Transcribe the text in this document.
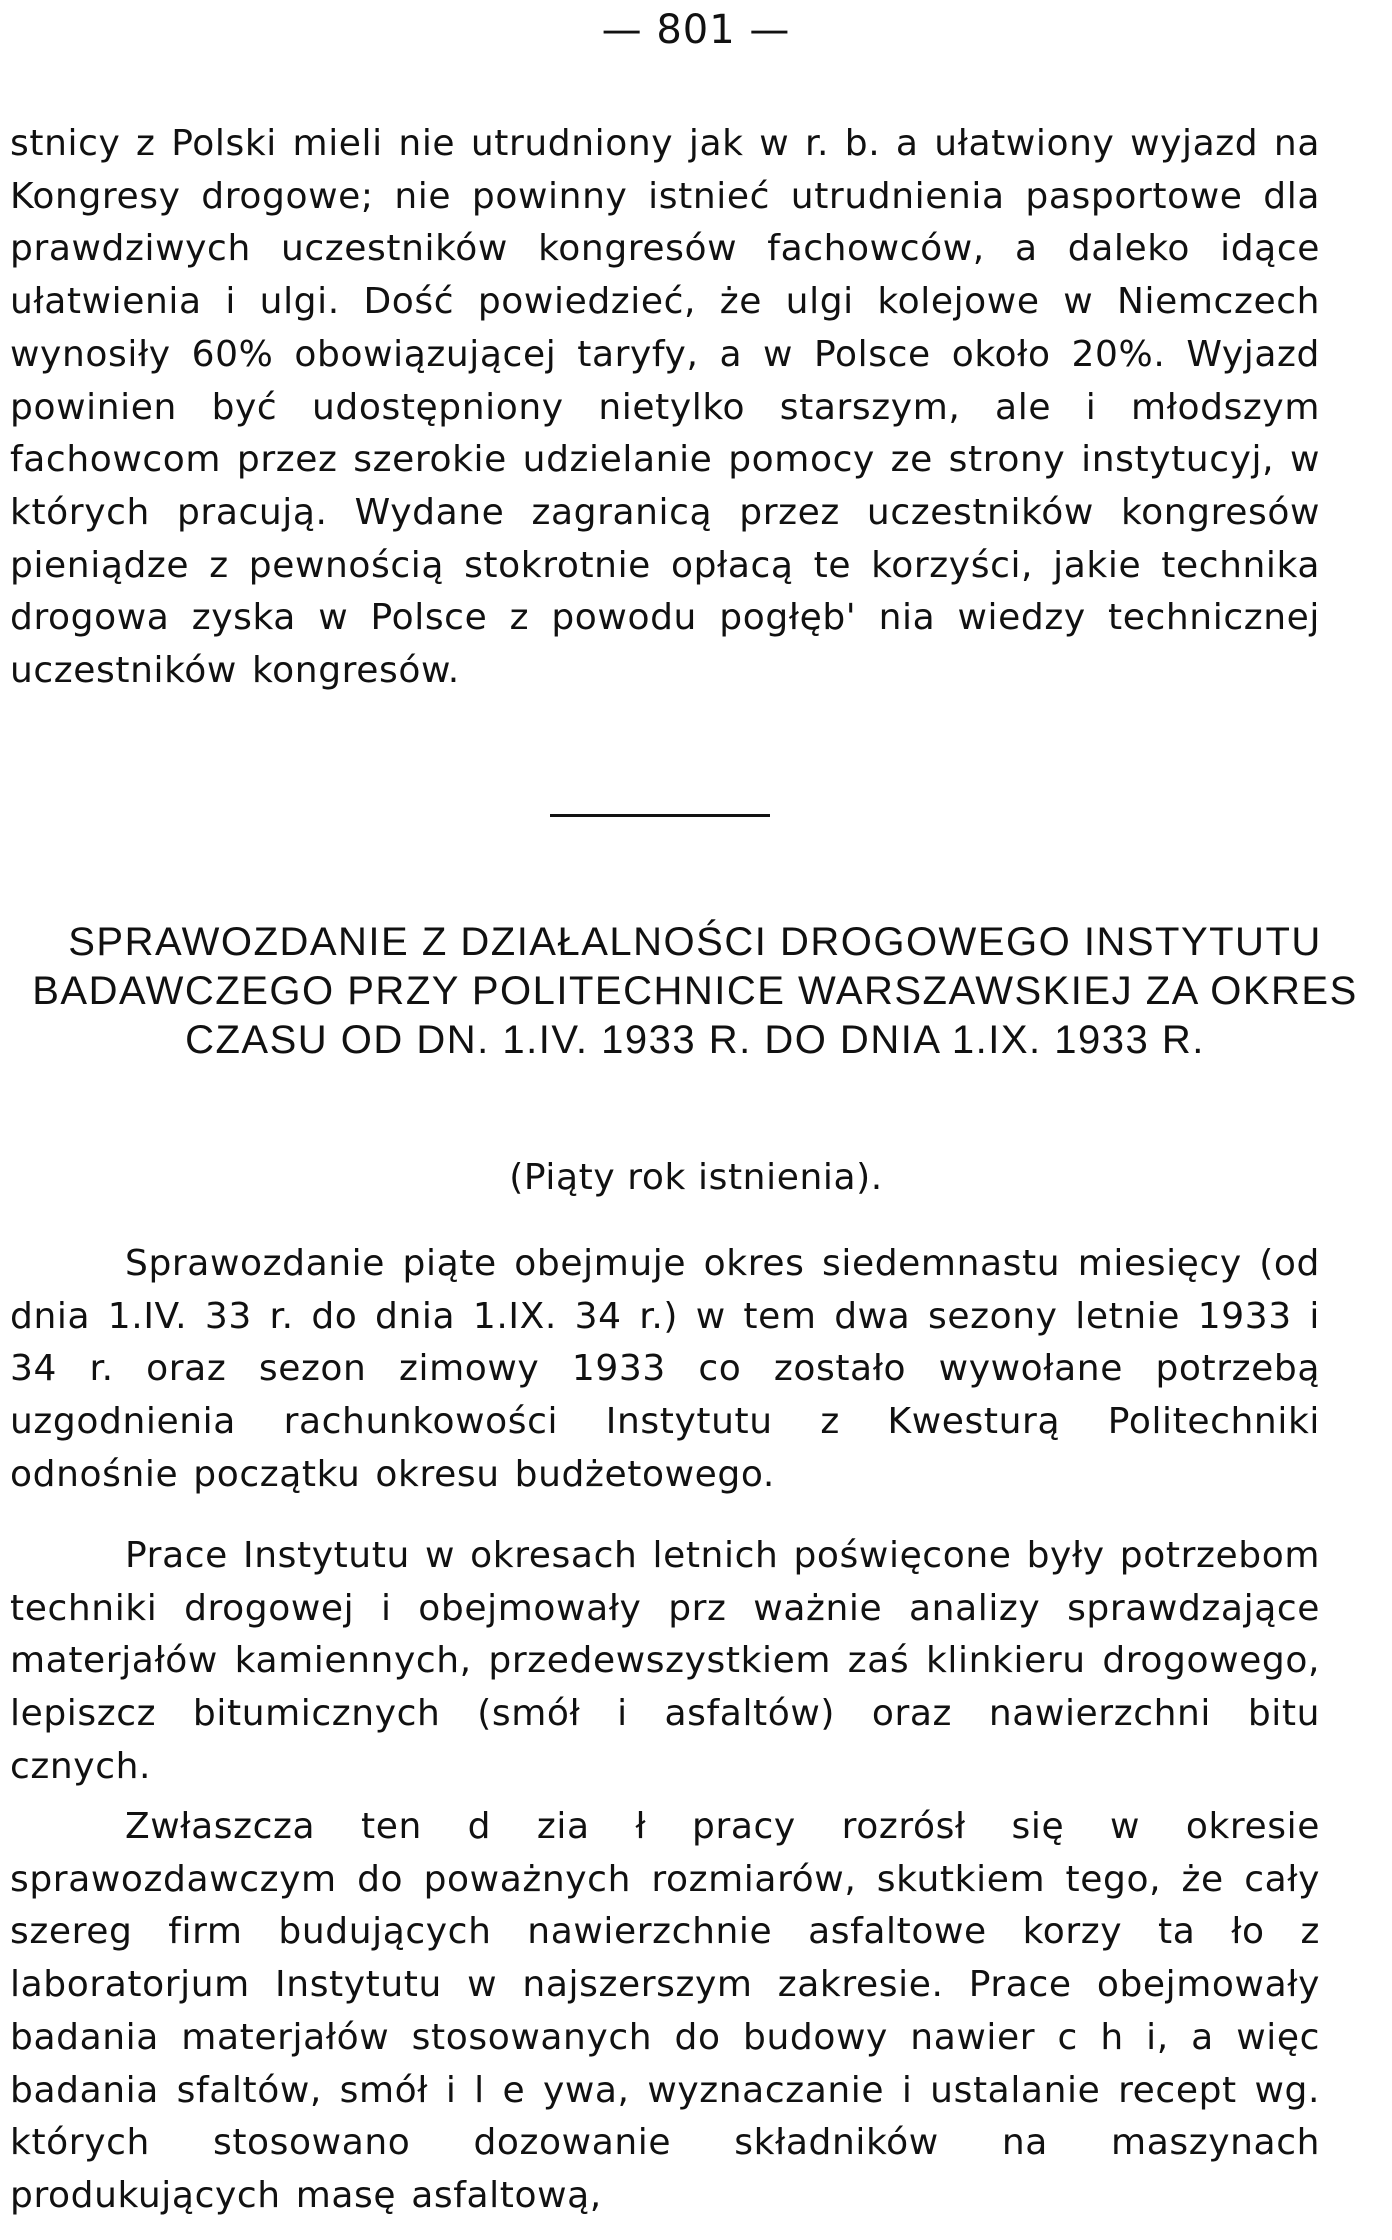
— 801 —

stnicy z Polski mieli nie utrudniony jak w r. b. a ułatwiony wyjazd na Kongresy drogowe; nie powinny istnieć utrudnienia pasportowe dla prawdziwych uczestników kongresów fachowców, a daleko idące ułatwienia i ulgi. Dość powiedzieć, że ulgi kolejowe w Niemczech wynosiły 60% obowiązującej taryfy, a w Polsce około 20%. Wyjazd powinien być udostępniony nietylko starszym, ale i młodszym fachowcom przez szerokie udzielanie pomocy ze strony instytucyj, w których pracują. Wydane zagranicą przez uczestników kongresów pieniądze z pewnością stokrotnie opłacą te korzyści, jakie technika drogowa zyska w Polsce z powodu pogłęb' nia wiedzy technicznej uczestników kongresów.

SPRAWOZDANIE Z DZIAŁALNOŚCI DROGOWEGO INSTYTUTU BADAWCZEGO PRZY POLITECHNICE WARSZAWSKIEJ ZA OKRES CZASU OD DN. 1.IV. 1933 R. DO DNIA 1.IX. 1933 R.
(Piąty rok istnienia).

Sprawozdanie piąte obejmuje okres siedemnastu miesięcy (od dnia 1.IV. 33 r. do dnia 1.IX. 34 r.) w tem dwa sezony letnie 1933 i 34 r. oraz sezon zimowy 1933 co zostało wywołane potrzebą uzgodnienia rachunkowości Instytutu z Kwesturą Politechniki odnośnie początku okresu budżetowego.

Prace Instytutu w okresach letnich poświęcone były potrzebom techniki drogowej i obejmowały prz ważnie analizy sprawdzające materjałów kamiennych, przedewszystkiem zaś klinkieru drogowego, lepiszcz bitumicznych (smół i asfaltów) oraz nawierzchni bitu cznych.

Zwłaszcza ten d zia ł pracy rozrósł się w okresie sprawozdawczym do poważnych rozmiarów, skutkiem tego, że cały szereg firm budujących nawierzchnie asfaltowe korzy ta ło z laboratorjum Instytutu w najszerszym zakresie. Prace obejmowały badania materjałów stosowanych do budowy nawier c h i, a więc badania sfaltów, smół i l e ywa, wyznaczanie i ustalanie recept wg. których stosowano dozowanie składników na maszynach produkujących masę asfaltową,
